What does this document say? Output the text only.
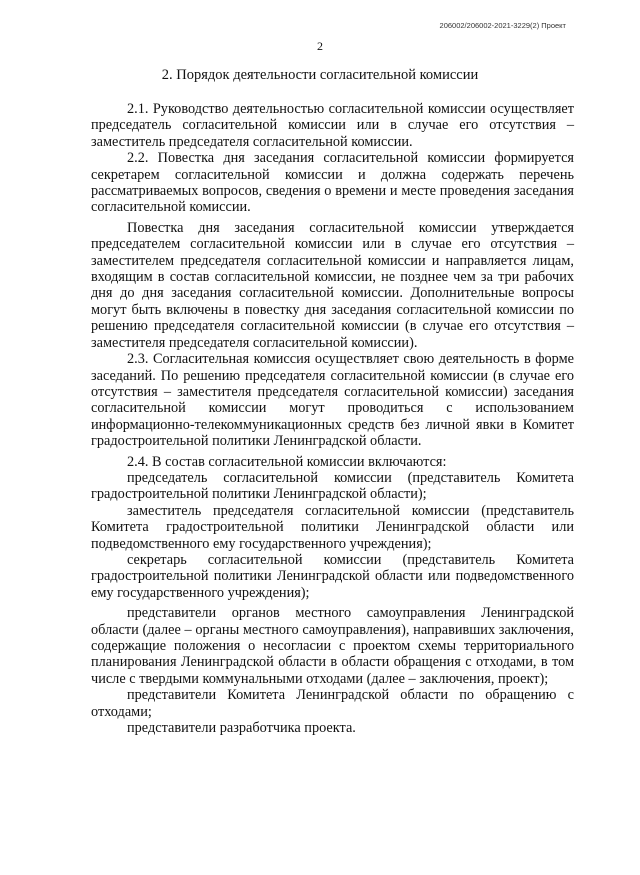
206002/206002-2021-3229(2) Проект
2
2. Порядок деятельности согласительной комиссии

2.1. Руководство деятельностью согласительной комиссии осуществляет председатель согласительной комиссии или в случае его отсутствия – заместитель председателя согласительной комиссии.

2.2. Повестка дня заседания согласительной комиссии формируется секретарем согласительной комиссии и должна содержать перечень рассматриваемых вопросов, сведения о времени и месте проведения заседания согласительной комиссии.

Повестка дня заседания согласительной комиссии утверждается председателем согласительной комиссии или в случае его отсутствия – заместителем председателя согласительной комиссии и направляется лицам, входящим в состав согласительной комиссии, не позднее чем за три рабочих дня до дня заседания согласительной комиссии. Дополнительные вопросы могут быть включены в повестку дня заседания согласительной комиссии по решению председателя согласительной комиссии (в случае его отсутствия – заместителя председателя согласительной комиссии).

2.3. Согласительная комиссия осуществляет свою деятельность в форме заседаний. По решению председателя согласительной комиссии (в случае его отсутствия – заместителя председателя согласительной комиссии) заседания согласительной комиссии могут проводиться с использованием информационно-телекоммуникационных средств без личной явки в Комитет градостроительной политики Ленинградской области.

2.4. В состав согласительной комиссии включаются:

председатель согласительной комиссии (представитель Комитета градостроительной политики Ленинградской области);

заместитель председателя согласительной комиссии (представитель Комитета градостроительной политики Ленинградской области или подведомственного ему государственного учреждения);

секретарь согласительной комиссии (представитель Комитета градостроительной политики Ленинградской области или подведомственного ему государственного учреждения);

представители органов местного самоуправления Ленинградской области (далее – органы местного самоуправления), направивших заключения, содержащие положения о несогласии с проектом схемы территориального планирования Ленинградской области в области обращения с отходами, в том числе с твердыми коммунальными отходами (далее – заключения, проект);

представители Комитета Ленинградской области по обращению с отходами;

представители разработчика проекта.
